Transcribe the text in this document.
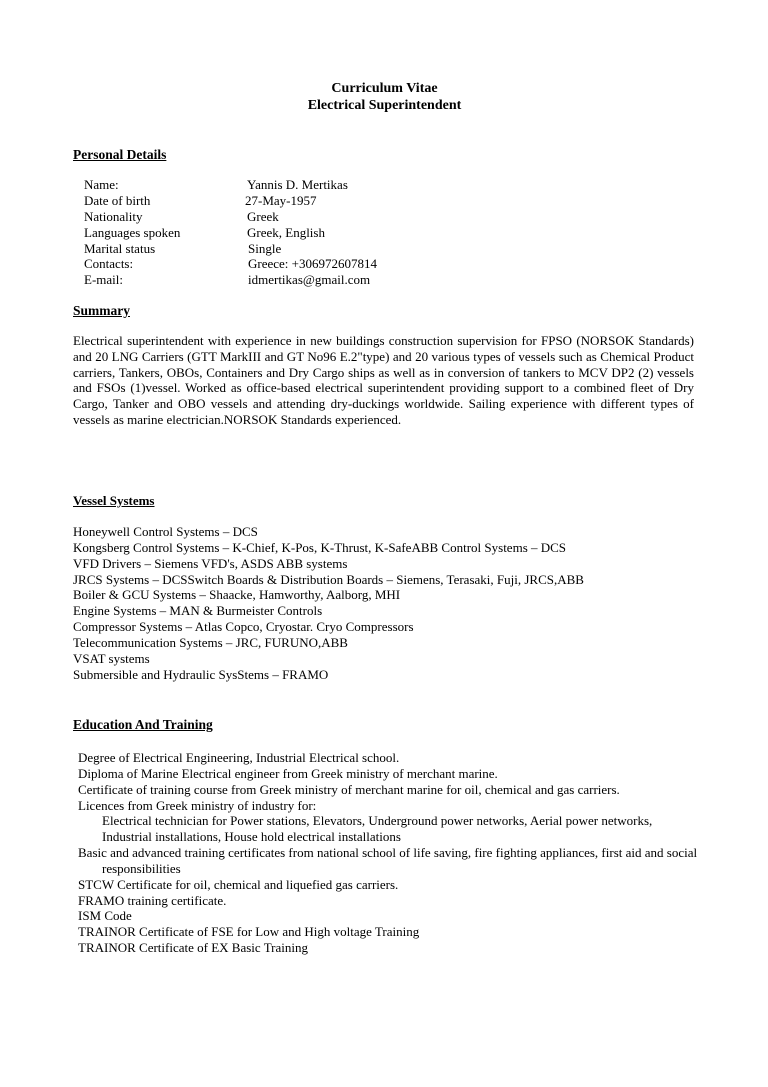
Curriculum Vitae
Electrical Superintendent
Personal Details
Name:	Yannis D. Mertikas
Date of birth	27-May-1957
Nationality	Greek
Languages spoken	Greek, English
Marital status	Single
Contacts:	Greece: +306972607814
E-mail:	idmertikas@gmail.com
Summary
Electrical superintendent with experience in new buildings construction supervision for FPSO (NORSOK Standards) and 20 LNG Carriers (GTT MarkIII and GT No96 E.2"type) and 20 various types of vessels such as Chemical Product carriers, Tankers, OBOs, Containers and Dry Cargo ships as well as in conversion of tankers to MCV DP2 (2) vessels and FSOs (1)vessel. Worked as office-based electrical superintendent providing support to a combined fleet of Dry Cargo, Tanker and OBO vessels and attending dry-duckings worldwide. Sailing experience with different types of vessels as marine electrician.NORSOK Standards experienced.
Vessel Systems
Honeywell Control Systems – DCS
Kongsberg Control Systems – K-Chief, K-Pos, K-Thrust, K-SafeABB Control Systems – DCS
VFD Drivers – Siemens VFD's, ASDS ABB systems
JRCS Systems – DCSSwitch Boards & Distribution Boards – Siemens, Terasaki, Fuji, JRCS,ABB
Boiler & GCU Systems – Shaacke, Hamworthy, Aalborg, MHI
Engine Systems – MAN & Burmeister Controls
Compressor Systems – Atlas Copco, Cryostar. Cryo Compressors
Telecommunication Systems – JRC, FURUNO,ABB
VSAT systems
Submersible and Hydraulic SysStems – FRAMO
Education And Training
Degree of Electrical Engineering, Industrial Electrical school.
Diploma of Marine Electrical engineer from Greek ministry of merchant marine.
Certificate of training course from Greek ministry of merchant marine for oil, chemical and gas carriers.
Licences from Greek ministry of industry for:
Electrical technician for Power stations, Elevators, Underground power networks, Aerial power networks, Industrial installations, House hold electrical installations
Basic and advanced training certificates from national school of life saving, fire fighting appliances, first aid and social responsibilities
STCW Certificate for oil, chemical and liquefied gas carriers.
FRAMO training certificate.
ISM Code
TRAINOR Certificate of FSE for Low and High voltage Training
TRAINOR Certificate of EX Basic Training
